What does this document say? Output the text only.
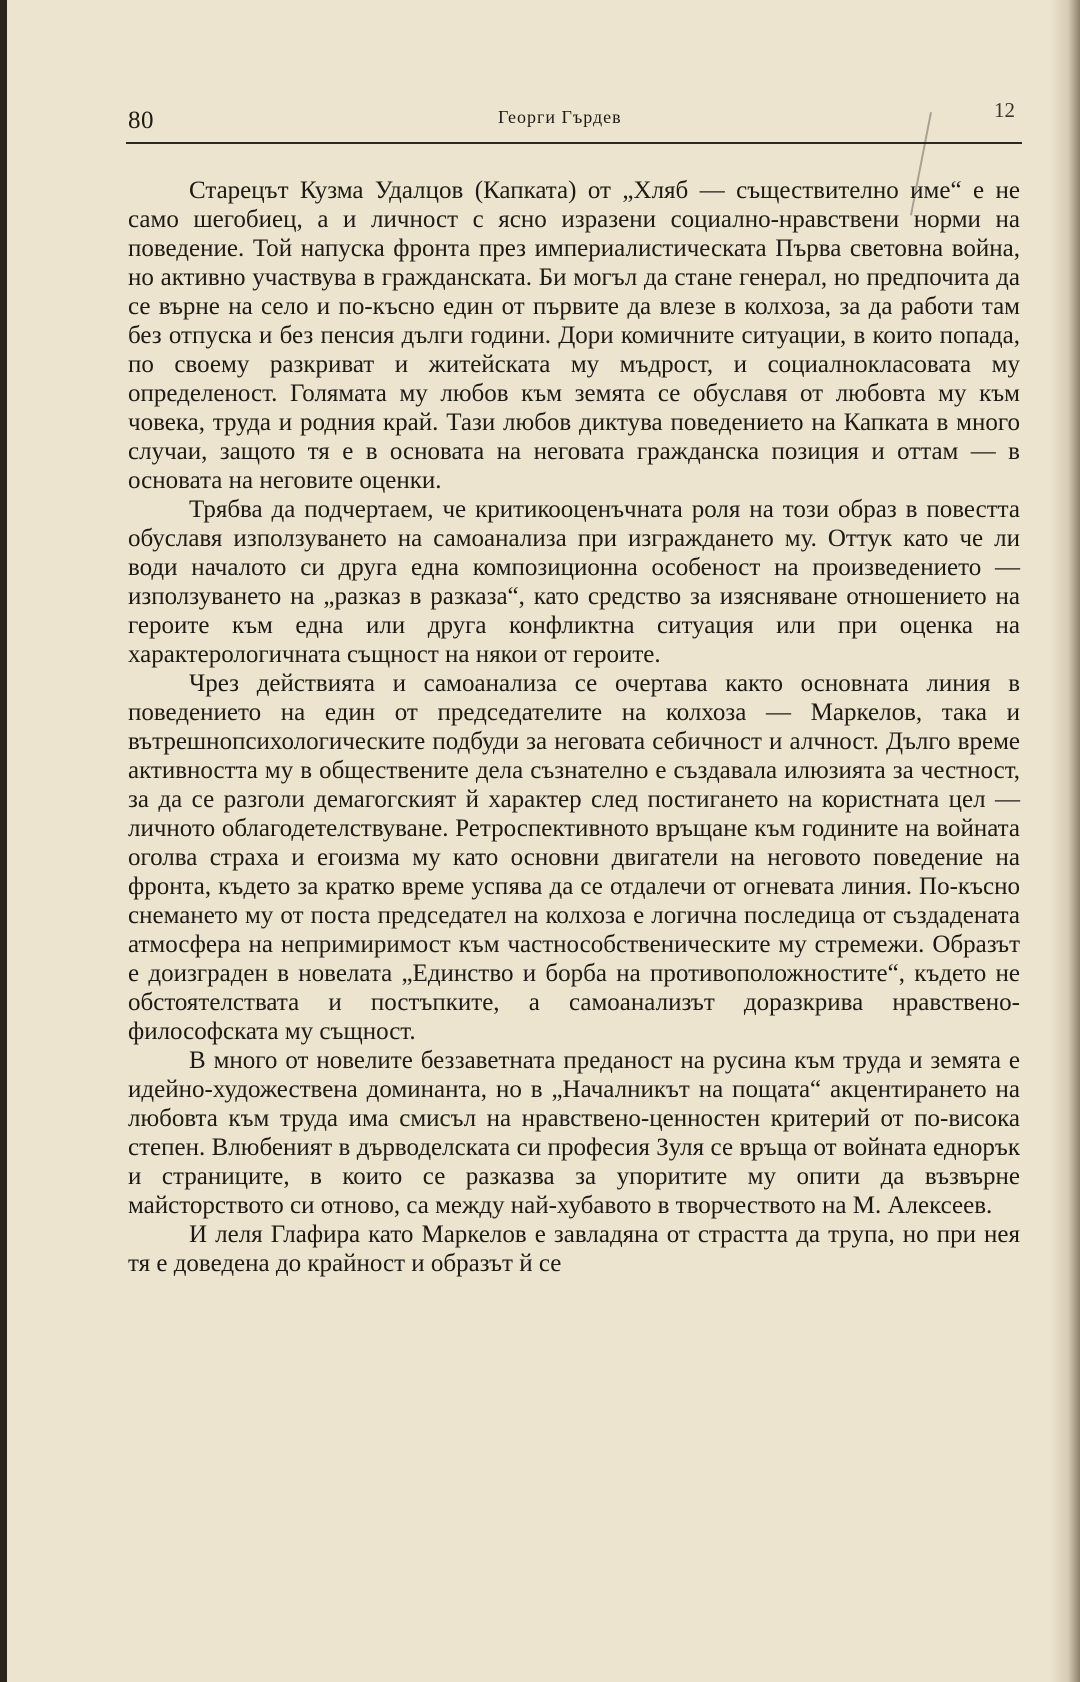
80	Георги Гърдев	12

Старецът Кузма Удалцов (Капката) от „Хляб — съществително име“ е не само шегобиец, а и личност с ясно изразени социално-нравствени норми на поведение. Той напуска фронта през империалистическата Първа световна война, но активно участвува в гражданската. Би могъл да стане генерал, но предпочита да се върне на село и по-късно един от първите да влезе в колхоза, за да работи там без отпуска и без пенсия дълги години. Дори комичните ситуации, в които попада, по своему разкриват и житейската му мъдрост, и социалнокласовата му определеност. Голямата му любов към земята се обуславя от любовта му към човека, труда и родния край. Тази любов диктува поведението на Капката в много случаи, защото тя е в основата на неговата гражданска позиция и оттам — в основата на неговите оценки.

Трябва да подчертаем, че критикооценъчната роля на този образ в повестта обуславя използуването на самоанализа при изграждането му. Оттук като че ли води началото си друга една композиционна особеност на произведението — използуването на „разказ в разказа“, като средство за изясняване отношението на героите към една или друга конфликтна ситуация или при оценка на характерологичната същност на някои от героите.

Чрез действията и самоанализа се очертава както основната линия в поведението на един от председателите на колхоза — Маркелов, така и вътрешнопсихологическите подбуди за неговата себичност и алчност. Дълго време активността му в обществените дела съзнателно е създавала илюзията за честност, за да се разголи демагогският й характер след постигането на користната цел — личното облагодетелствуване. Ретроспективното връщане към годините на войната оголва страха и егоизма му като основни двигатели на неговото поведение на фронта, където за кратко време успява да се отдалечи от огневата линия. По-късно снемането му от поста председател на колхоза е логична последица от създадената атмосфера на непримиримост към частнособственическите му стремежи. Образът е доизграден в новелата „Единство и борба на противоположностите“, където не обстоятелствата и постъпките, а самоанализът доразкрива нравствено-философската му същност.

В много от новелите беззаветната преданост на русина към труда и земята е идейно-художествена доминанта, но в „Началникът на пощата“ акцентирането на любовта към труда има смисъл на нравствено-ценностен критерий от по-висока степен. Влюбеният в дърводелската си професия Зуля се връща от войната еднорък и страниците, в които се разказва за упоритите му опити да възвърне майсторството си отново, са между най-хубавото в творчеството на М. Алексеев.

И леля Глафира като Маркелов е завладяна от страстта да трупа, но при нея тя е доведена до крайност и образът й се
